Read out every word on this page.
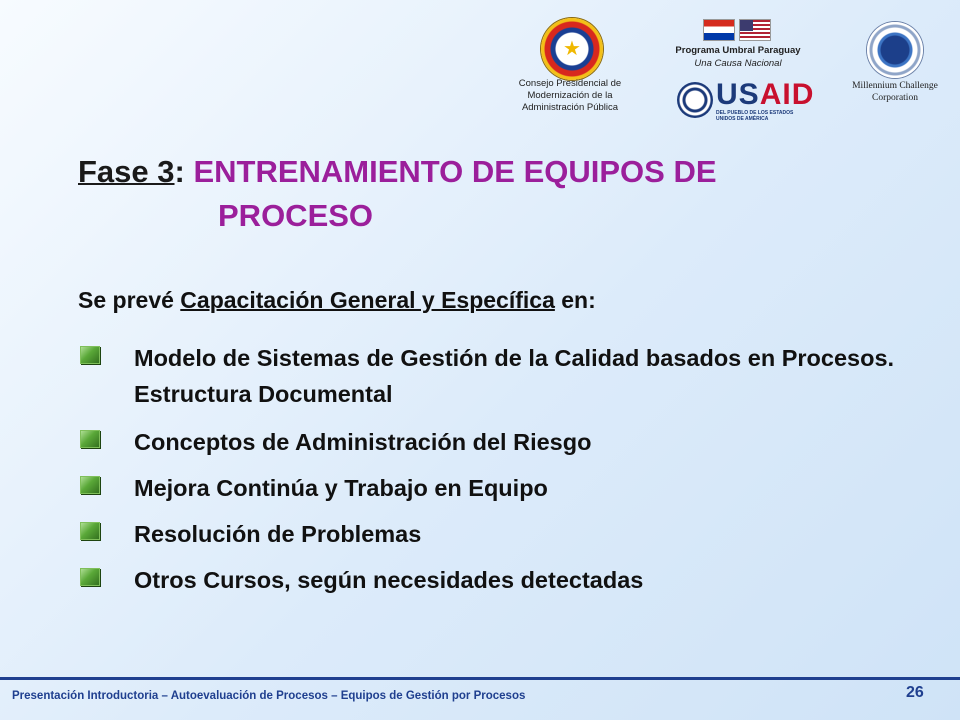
★
Consejo Presidencial de Modernización de la Administración Pública
Programa Umbral Paraguay
Una Causa Nacional
USAID
DEL PUEBLO DE LOS ESTADOS UNIDOS DE AMÉRICA
Millennium Challenge Corporation
Fase 3: ENTRENAMIENTO DE EQUIPOS DE
PROCESO
Se prevé Capacitación General y Específica en:
Modelo de Sistemas de Gestión de la Calidad basados en Procesos. Estructura Documental
Conceptos de Administración del Riesgo
Mejora Continúa y Trabajo en Equipo
Resolución de Problemas
Otros Cursos, según necesidades detectadas
Presentación Introductoria – Autoevaluación de Procesos – Equipos de Gestión por Procesos	26
